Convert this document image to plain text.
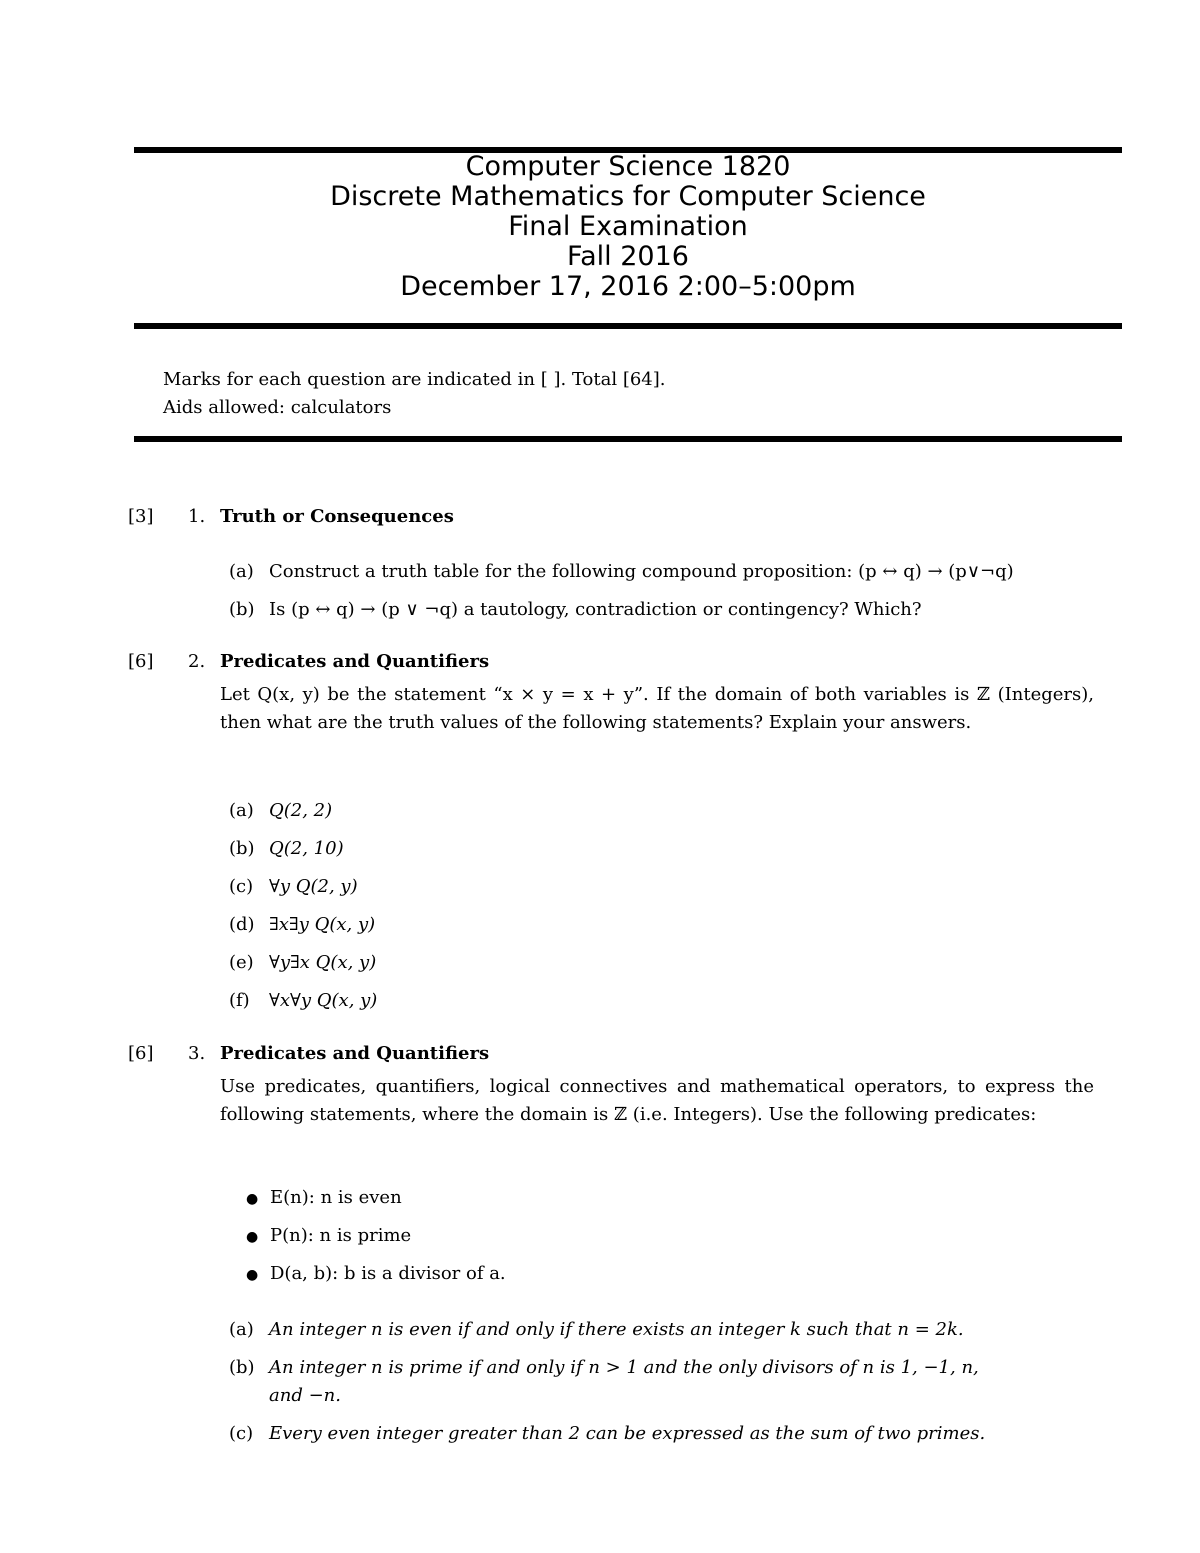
Computer Science 1820
Discrete Mathematics for Computer Science
Final Examination
Fall 2016
December 17, 2016 2:00–5:00pm
Marks for each question are indicated in [ ]. Total [64].
Aids allowed: calculators
[3] 1. Truth or Consequences
(a) Construct a truth table for the following compound proposition: (p ↔ q) → (p∨¬q)
(b) Is (p ↔ q) → (p ∨ ¬q) a tautology, contradiction or contingency? Which?
[6] 2. Predicates and Quantifiers
Let Q(x, y) be the statement “x × y = x + y”. If the domain of both variables is ℤ (Integers), then what are the truth values of the following statements? Explain your answers.
(a) Q(2, 2)
(b) Q(2, 10)
(c) ∀y Q(2, y)
(d) ∃x∃y Q(x, y)
(e) ∀y∃x Q(x, y)
(f) ∀x∀y Q(x, y)
[6] 3. Predicates and Quantifiers
Use predicates, quantifiers, logical connectives and mathematical operators, to express the following statements, where the domain is ℤ (i.e. Integers). Use the following predicates:
● E(n): n is even
● P(n): n is prime
● D(a, b): b is a divisor of a.
(a) An integer n is even if and only if there exists an integer k such that n = 2k.
(b) An integer n is prime if and only if n > 1 and the only divisors of n is 1, −1, n,
and −n.
(c) Every even integer greater than 2 can be expressed as the sum of two primes.
